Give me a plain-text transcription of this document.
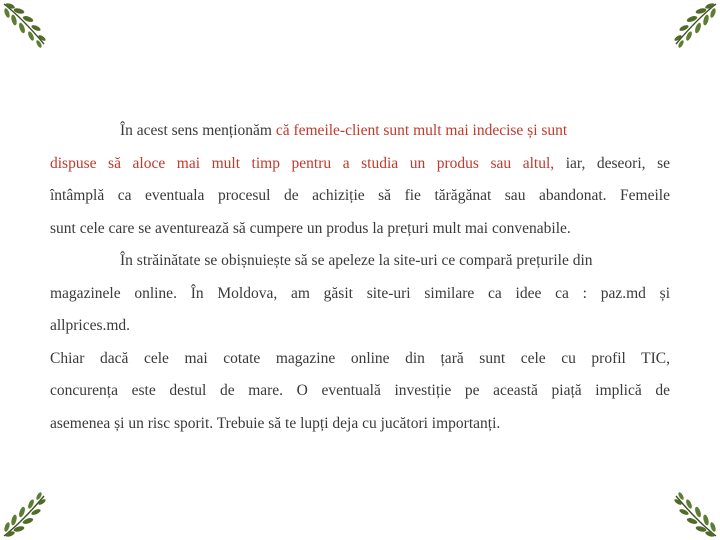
În acest sens menționăm că femeile-client sunt mult mai indecise și sunt
dispuse să aloce mai mult timp pentru a studia un produs sau altul, iar, deseori, se
întâmplă ca eventuala procesul de achiziție să fie tărăgănat sau abandonat. Femeile
sunt cele care se aventurează să cumpere un produs la prețuri mult mai convenabile.
În străinătate se obișnuiește să se apeleze la site-uri ce compară prețurile din
magazinele online. În Moldova, am găsit site-uri similare ca idee ca : paz.md și
allprices.md.
Chiar dacă cele mai cotate magazine online din țară sunt cele cu profil TIC,
concurența este destul de mare. O eventuală investiție pe această piață implică de
asemenea și un risc sporit. Trebuie să te lupți deja cu jucători importanți.
